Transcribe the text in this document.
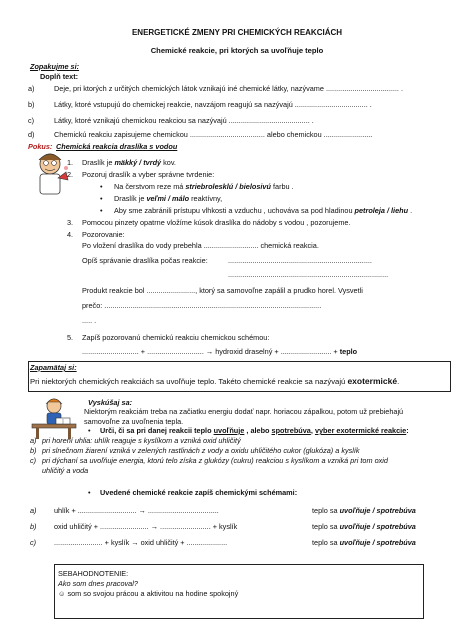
ENERGETICKÉ ZMENY PRI CHEMICKÝCH REAKCIÁCH
Chemické reakcie, pri ktorých sa uvoľňuje teplo
Zopakujme si:
Doplň text:
a)	Deje, pri ktorých z určitých chemických látok vznikajú iné chemické látky, nazývame .................................... .
b)	Látky, ktoré vstupujú do chemickej reakcie, navzájom reagujú sa nazývajú .................................... .
c)	Látky, ktoré vznikajú chemickou reakciou sa nazývajú ........................................ .
d)	Chemickú reakciu zapisujeme chemickou ..................................... alebo chemickou ........................
Pokus: Chemická reakcia draslíka s vodou
1. Draslík je mäkký / tvrdý kov.
2. Pozoruj draslík a vyber správne tvrdenie:
• Na čerstvom reze má striebrolesklú / bielosivú farbu .
• Draslík je veľmi / málo reaktívny,
• Aby sme zabránili prístupu vlhkosti a vzduchu , uchováva sa pod hladinou petroleja / liehu .
3. Pomocou pinzety opatrne vložíme kúsok draslíka do nádoby s vodou , pozorujeme.
4. Pozorovanie:
Po vložení draslíka do vody prebehla ........................... chemická reakcia.
Opíš správanie draslíka počas reakcie:	.......................................................................
...............................................................................
Produkt reakcie bol ........................, ktorý sa samovoľne zapálil a prudko horel. Vysvetli
prečo: ...........................................................................................................
..... .
5. Zapíš pozorovanú chemickú reakciu chemickou schémou:
............................ + ............................ → hydroxid draselný + ......................... + teplo
Zapamätaj si:
Pri niektorých chemických reakciách sa uvoľňuje teplo. Takéto chemické reakcie sa nazývajú exotermické.
Vyskúšaj sa:
Niektorým reakciám treba na začiatku energiu dodať napr. horiacou zápalkou, potom už prebiehajú
samovoľne za uvoľnenia tepla.
• Urči, či sa pri danej reakcii teplo uvoľňuje , alebo spotrebúva, vyber exotermické reakcie:
a) pri horení uhlia: uhlík reaguje s kyslíkom a vzniká oxid uhličitý
b) pri slnečnom žiarení vzniká v zelených rastlinách z vody a oxidu uhličitého cukor (glukóza) a kyslík
c) pri dýchaní sa uvoľňuje energia, ktorú telo získa z glukózy (cukru) reakciou s kyslíkom a vzniká pri tom oxid
uhličitý a voda
• Uvedené chemické reakcie zapíš chemickými schémami:
a) uhlík + ............................. → ...................................	teplo sa uvoľňuje / spotrebúva
b) oxid uhličitý + ........................ → ......................... + kyslík	teplo sa uvoľňuje / spotrebúva
c) ........................ + kyslík → oxid uhličitý + ....................	teplo sa uvoľňuje / spotrebúva
SEBAHODNOTENIE:
Ako som dnes pracoval?
☺ som so svojou prácou a aktivitou na hodine spokojný
